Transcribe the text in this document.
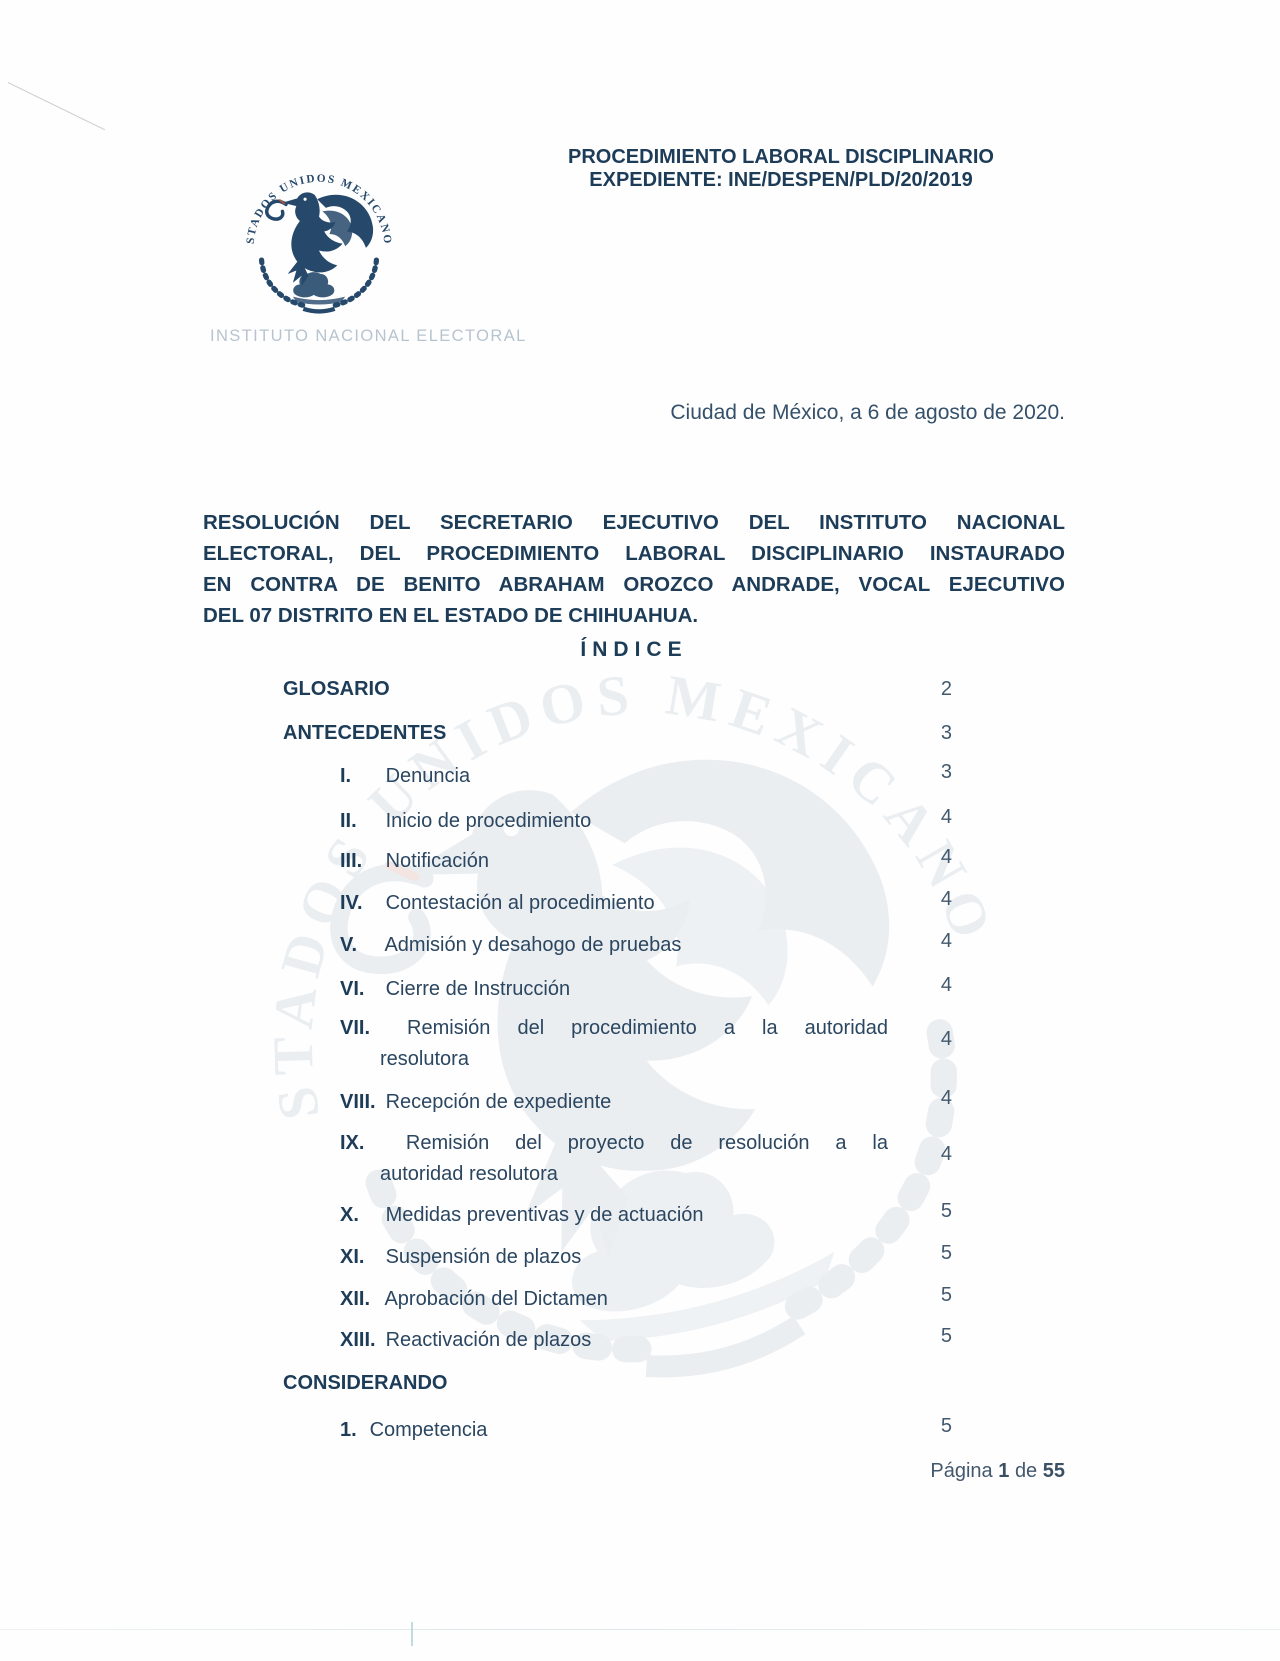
INSTITUTO NACIONAL ELECTORAL
PROCEDIMIENTO LABORAL DISCIPLINARIO
EXPEDIENTE: INE/DESPEN/PLD/20/2019
Ciudad de México, a 6 de agosto de 2020.
RESOLUCIÓN DEL SECRETARIO EJECUTIVO DEL INSTITUTO NACIONAL
ELECTORAL, DEL PROCEDIMIENTO LABORAL DISCIPLINARIO INSTAURADO
EN CONTRA DE BENITO ABRAHAM OROZCO ANDRADE, VOCAL EJECUTIVO
DEL 07 DISTRITO EN EL ESTADO DE CHIHUAHUA.
ÍNDICE
GLOSARIO	2
ANTECEDENTES	3
I. Denuncia	3
II. Inicio de procedimiento	4
III. Notificación	4
IV. Contestación al procedimiento	4
V. Admisión y desahogo de pruebas	4
VI. Cierre de Instrucción	4
VII. Remisión del procedimiento a la autoridad
resolutora
4
VIII. Recepción de expediente	4
IX. Remisión del proyecto de resolución a la
autoridad resolutora
4
X. Medidas preventivas y de actuación	5
XI. Suspensión de plazos	5
XII. Aprobación del Dictamen	5
XIII. Reactivación de plazos	5
CONSIDERANDO
1. Competencia	5
Página 1 de 55
